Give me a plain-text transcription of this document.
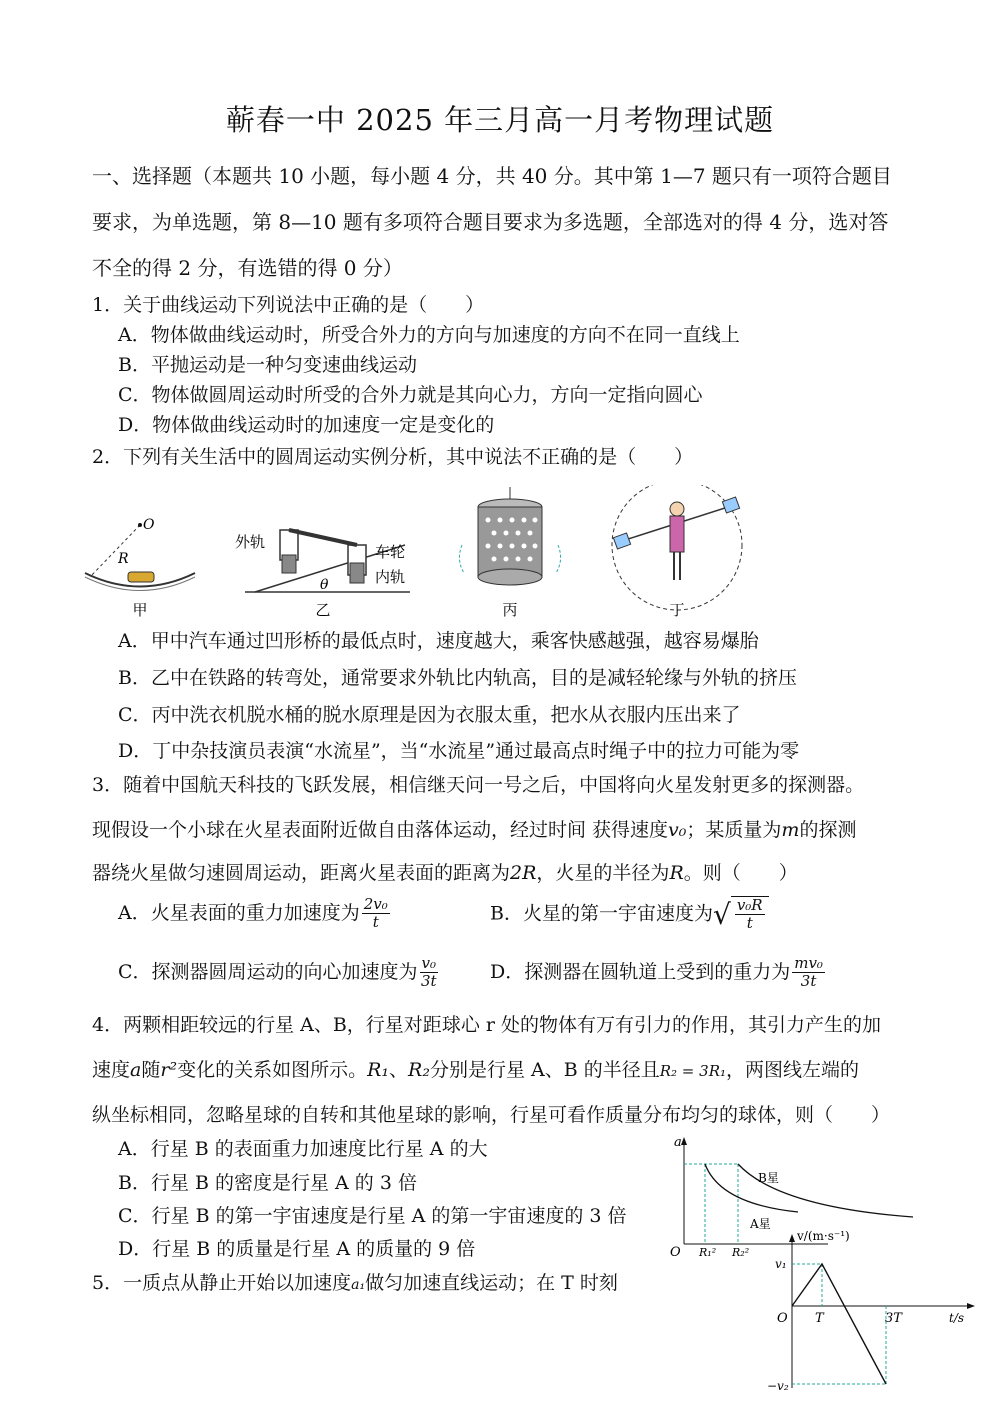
蕲春一中 2025 年三月高一月考物理试题
一、选择题（本题共 10 小题，每小题 4 分，共 40 分。其中第 1—7 题只有一项符合题目
要求，为单选题，第 8—10 题有多项符合题目要求为多选题，全部选对的得 4 分，选对答
不全的得 2 分，有选错的得 0 分）
1．关于曲线运动下列说法中正确的是（　　）
A．物体做曲线运动时，所受合外力的方向与加速度的方向不在同一直线上
B．平抛运动是一种匀变速曲线运动
C．物体做圆周运动时所受的合外力就是其向心力，方向一定指向圆心
D．物体做曲线运动时的加速度一定是变化的
2．下列有关生活中的圆周运动实例分析，其中说法不正确的是（　　）
O
R
外轨
车轮
内轨
θ
甲	乙	丙	丁
A．甲中汽车通过凹形桥的最低点时，速度越大，乘客快感越强，越容易爆胎
B．乙中在铁路的转弯处，通常要求外轨比内轨高，目的是减轻轮缘与外轨的挤压
C．丙中洗衣机脱水桶的脱水原理是因为衣服太重，把水从衣服内压出来了
D．丁中杂技演员表演“水流星”，当“水流星”通过最高点时绳子中的拉力可能为零
3．随着中国航天科技的飞跃发展，相信继天问一号之后，中国将向火星发射更多的探测器。
现假设一个小球在火星表面附近做自由落体运动，经过时间 获得速度v₀；某质量为m的探测
器绕火星做匀速圆周运动，距离火星表面的距离为2R，火星的半径为R。则（　　）
A．火星表面的重力加速度为 $\frac{\text{2v₀}}{t}$	B．火星的第一宇宙速度为 √ $\frac{\text{v₀R}}{t}$
C．探测器圆周运动的向心加速度为 $\frac{\text{v₀}}{3t}$	D．探测器在圆轨道上受到的重力为 $\frac{\text{mv₀}}{3t}$
4．两颗相距较远的行星 A、B，行星对距球心 r 处的物体有万有引力的作用，其引力产生的加
速度a随r²变化的关系如图所示。R₁、R₂分别是行星 A、B 的半径且R₂ = 3R₁，两图线左端的
纵坐标相同，忽略星球的自转和其他星球的影响，行星可看作质量分布均匀的球体，则（　　）
A．行星 B 的表面重力加速度比行星 A 的大
B．行星 B 的密度是行星 A 的 3 倍
C．行星 B 的第一宇宙速度是行星 A 的第一宇宙速度的 3 倍
D．行星 B 的质量是行星 A 的质量的 9 倍
a
O
B星
A星
R₁² R₂²
5．一质点从静止开始以加速度a₁做匀加速直线运动；在 T 时刻
v/(m·s⁻¹)
v₁
−v₂
O T	3T	t/s
